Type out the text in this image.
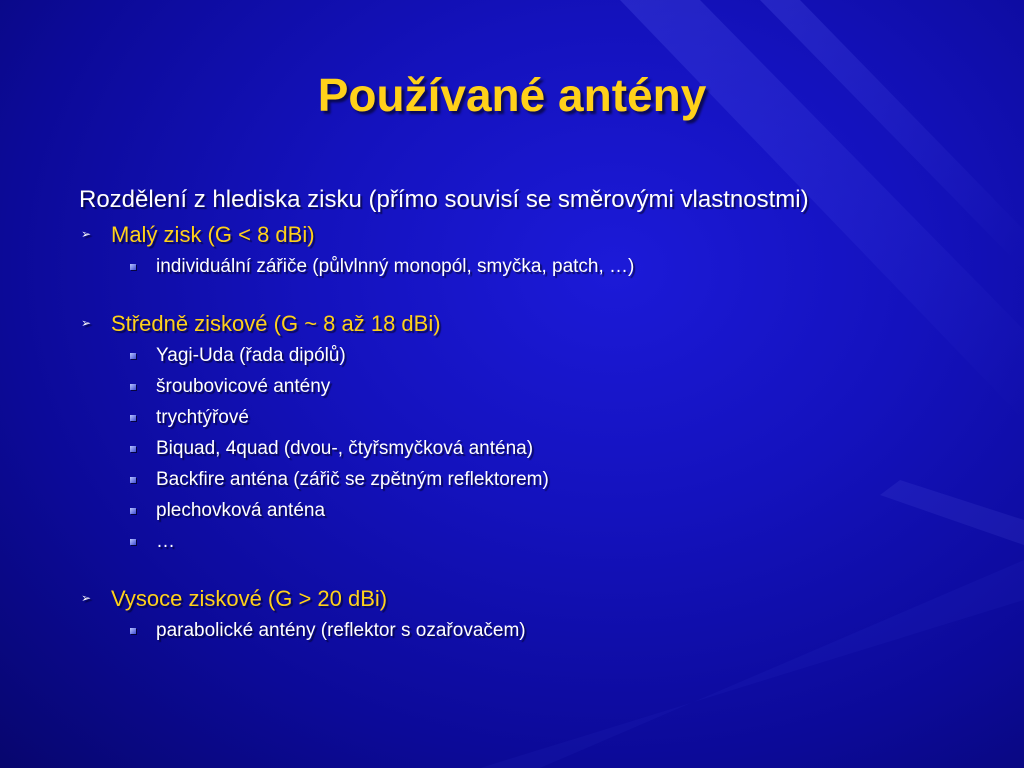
Používané antény
Rozdělení z hlediska zisku (přímo souvisí se směrovými vlastnostmi)
➢ Malý zisk (G < 8 dBi)
individuální zářiče (půlvlnný monopól, smyčka, patch, …)
➢ Středně ziskové (G ~ 8 až 18 dBi)
Yagi-Uda (řada dipólů)
šroubovicové antény
trychtýřové
Biquad, 4quad (dvou-, čtyřsmyčková anténa)
Backfire anténa (zářič se zpětným reflektorem)
plechovková anténa
…
➢ Vysoce ziskové (G > 20 dBi)
parabolické antény (reflektor s ozařovačem)
